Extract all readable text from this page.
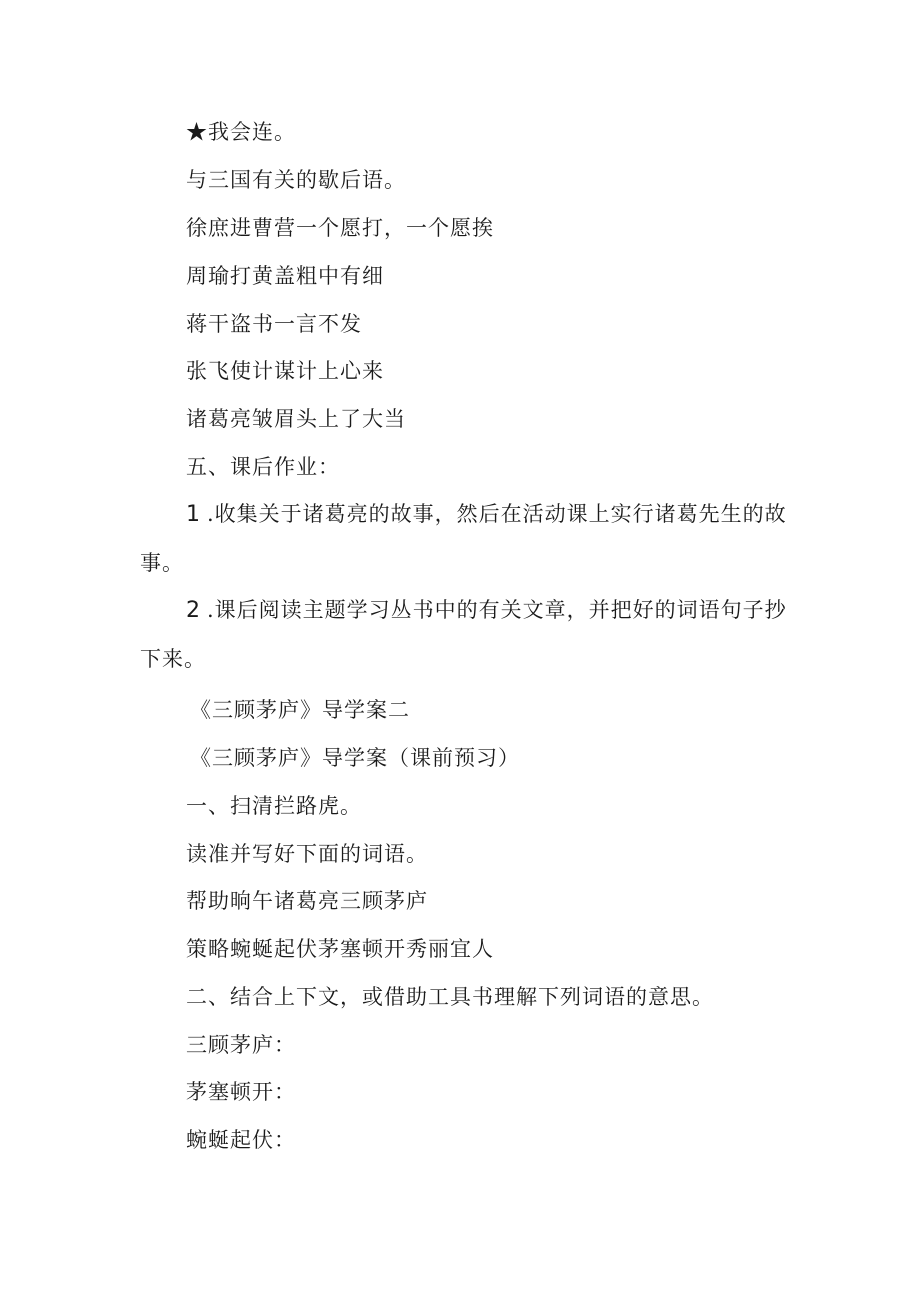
★我会连。
与三国有关的歇后语。
徐庶进曹营一个愿打，一个愿挨
周瑜打黄盖粗中有细
蒋干盗书一言不发
张飞使计谋计上心来
诸葛亮皱眉头上了大当
五、课后作业：
1 .收集关于诸葛亮的故事，然后在活动课上实行诸葛先生的故事。
2 .课后阅读主题学习丛书中的有关文章，并把好的词语句子抄下来。
《三顾茅庐》导学案二
《三顾茅庐》导学案（课前预习）
一、扫清拦路虎。
读准并写好下面的词语。
帮助晌午诸葛亮三顾茅庐
策略蜿蜒起伏茅塞顿开秀丽宜人
二、结合上下文，或借助工具书理解下列词语的意思。
三顾茅庐：
茅塞顿开：
蜿蜒起伏：
